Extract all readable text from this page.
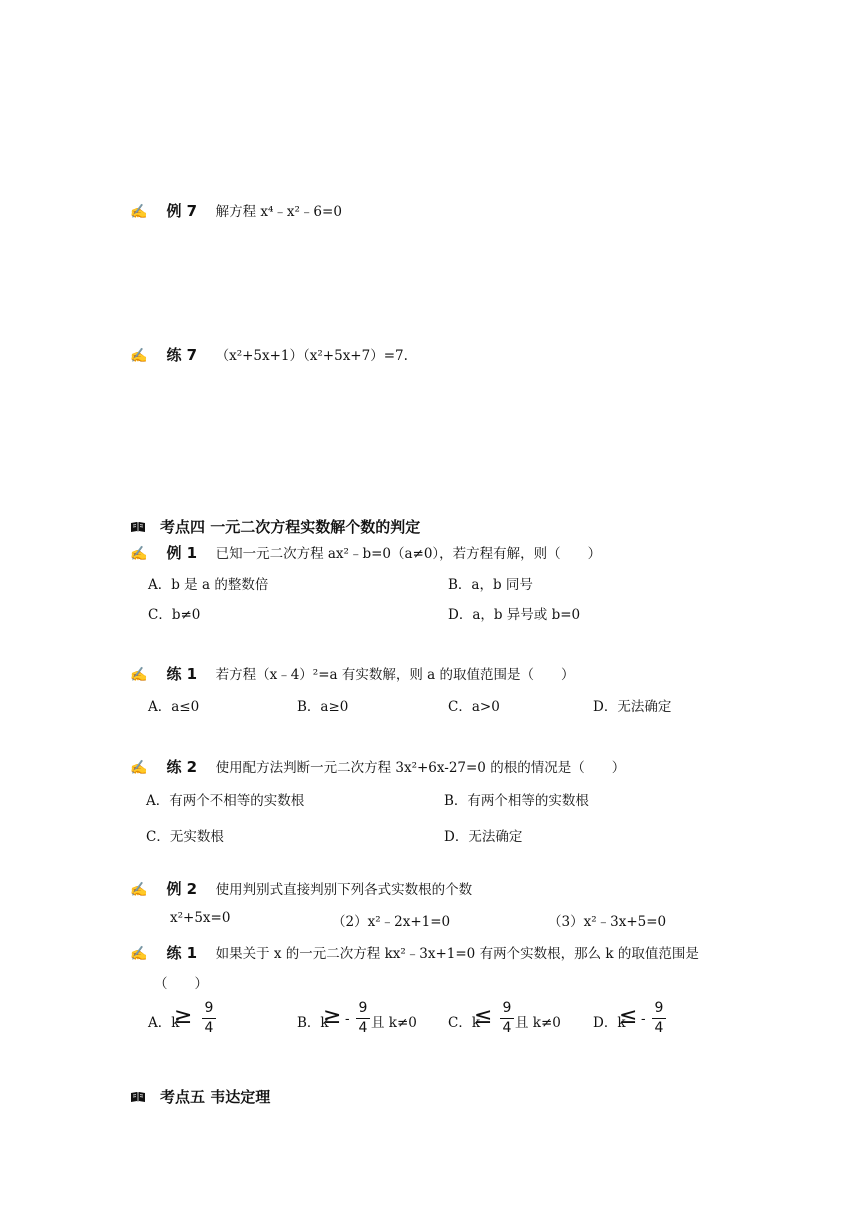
✍ 例 7 解方程 x⁴﹣x²﹣6=0
✍ 练 7 （x²+5x+1）（x²+5x+7）=7.
考点四 一元二次方程实数解个数的判定
✍ 例 1 已知一元二次方程 ax²﹣b=0（a≠0），若方程有解，则（　　）
A．b 是 a 的整数倍	B．a，b 同号
C．b≠0	D．a，b 异号或 b=0
✍ 练 1 若方程（x﹣4）²=a 有实数解，则 a 的取值范围是（　　）
A．a≤0	B．a≥0	C．a>0	D．无法确定
✍ 练 2 使用配方法判断一元二次方程 3x²+6x-27=0 的根的情况是（　　）
A．有两个不相等的实数根	B．有两个相等的实数根
C．无实数根	D．无法确定
✍ 例 2 使用判别式直接判别下列各式实数根的个数
x²+5x=0	（2）x²﹣2x+1=0	（3）x²﹣3x+5=0
✍ 练 1 如果关于 x 的一元二次方程 kx²﹣3x+1=0 有两个实数根，那么 k 的取值范围是
（　　）
A．k
≥ 9
4	B．k
≥ -
9
4 且 k≠0 C．k
≤ 9
4 且 k≠0 D．k
≤ -
9
4
考点五 韦达定理
